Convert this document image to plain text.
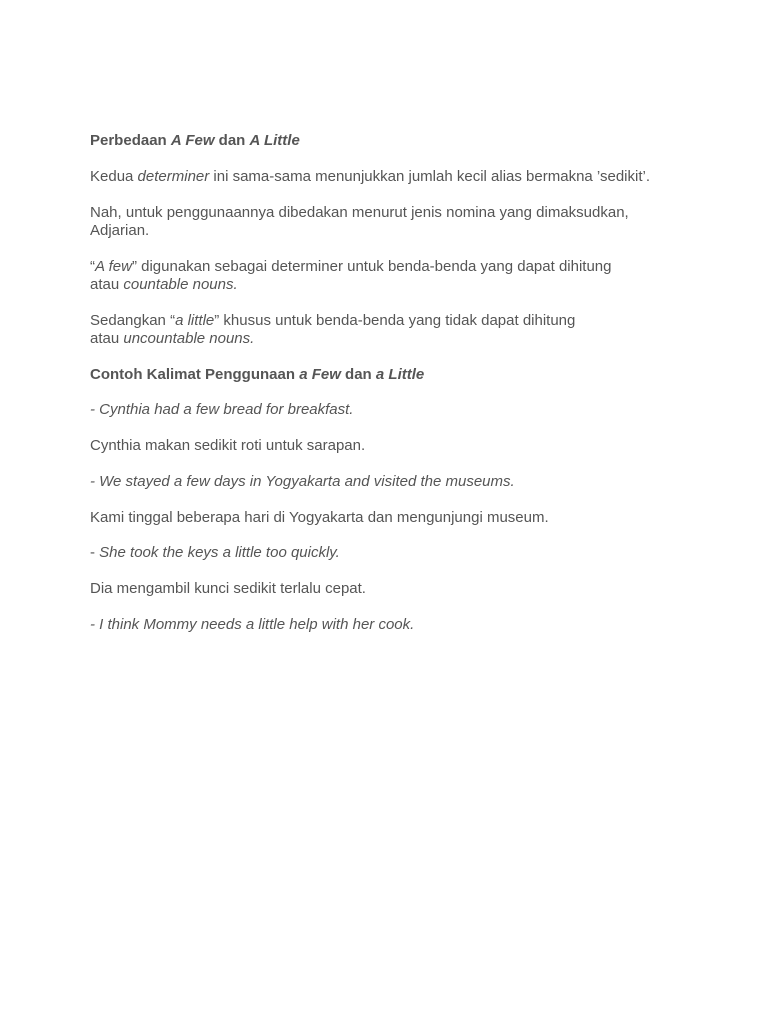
Perbedaan A Few dan A Little

Kedua determiner ini sama-sama menunjukkan jumlah kecil alias bermakna ’sedikit’.

Nah, untuk penggunaannya dibedakan menurut jenis nomina yang dimaksudkan,
Adjarian.

“A few” digunakan sebagai determiner untuk benda-benda yang dapat dihitung
atau countable nouns.

Sedangkan “a little” khusus untuk benda-benda yang tidak dapat dihitung
atau uncountable nouns.

Contoh Kalimat Penggunaan a Few dan a Little

- Cynthia had a few bread for breakfast.

Cynthia makan sedikit roti untuk sarapan.

- We stayed a few days in Yogyakarta and visited the museums.

Kami tinggal beberapa hari di Yogyakarta dan mengunjungi museum.

- She took the keys a little too quickly.

Dia mengambil kunci sedikit terlalu cepat.

- I think Mommy needs a little help with her cook.
